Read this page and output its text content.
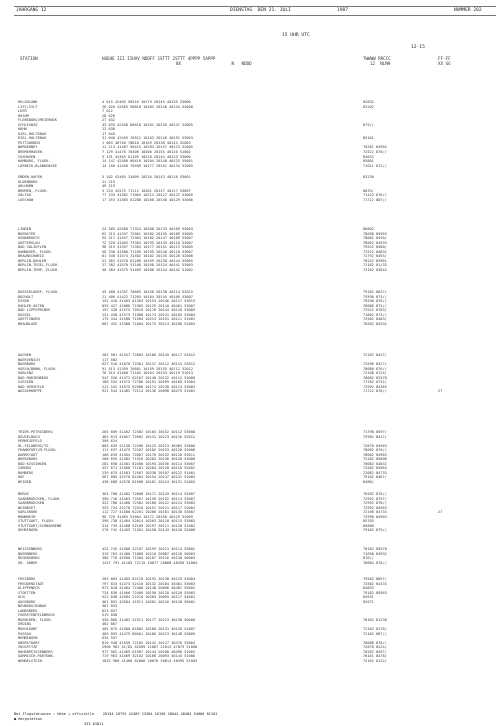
JAHRGANG 12	DIENSTAG  DEN 21. JULI	1987	NUMMER 202
15 UHR UTC
12-15
STATION	HOEHE III IIHVV NDDFF 1STTT 2STTT 4PPPP 5APPP
8X                    N   NDDD
7WWWW RRCCC
12  NLMH
FF-FF
XX GG
HELGOLAND	4 015 42465 50516 10179 20145 40135 53006	82832
LIST/SYLT	26 020 42565 50810 10203 20146 40144 54000	82202
LEER	7 022
HUSUM	28 026
FLENSBURG/MEIERWIK	27 032
SCHLESWIG	43 035 42458 80610 10161 20135 40147 52005	875//
HOHN	12 038
KIEL-HOLTENAU	17 045
KIEL-HOLTENAU	31 046 42459 70512 10163 20126 40151 53003	85101
PUTTGARDEN	1 063 46740 70810 10169 20138 40144 52003
NORDERNEY	11 113 41467 50415 10184 20157 40123 52005	70261 84902
BREMERHAVEN	7 129 41470 70408 10200 20155 40120 51002	72522 876//
CUXHAVEN	5 131 42465 61109 10210 20144 40125 53000	84832
HAMBURG, FLUGH.	14 147 42560 60410 10204 20148 40125 55001	85801
LUEBECK-BLANKENSEE	14 156 41450 70409 10177 20151 40134 52005	71011 872//
EMDEN-HAFEN	5 202 42465 31009 10216 20143 40116 53001	83230
OLDENBURG	11 215
AHLHORN	49 219
BREMEN, FLUGH.	3 224 42575 71112 10201 20137 40117 53007	8633/
SOLTAU	77 235 41582 71004 10214 20127 40122 53005	71422 876//
LUECHOW	17 253 41565 81208 10208 20146 40129 53006	71722 887//
LINGEN	24 305 42560 71324 10208 20133 40109 53003	86802
MUENSTER	62 313 41557 72001 10182 20155 40109 53005	78098 85963
OSNABRUECK	95 317 41457 72904 10182 20147 40109 53007	78082 8490/
GUETERSLOH	72 320 41463 73304 10195 20149 40118 53007	78062 84933
BAD SALZUFLEN	96 315 41557 71303 10177 20151 40113 53005	75522 8480/
HANNOVER, FLUGH.	56 338 41580 71109 10195 20140 40118 53007	72522 84832
BRAUNSCHWEIG	81 348 41574 72402 10182 20135 40120 52006	71792 8493/
BERLIN-DAHLEM	51 381 41570 61208 10199 20138 40144 53005	70242 83961
BERLIN-TEGEL,FLUGH.	37 382 41570 51108 10198 20124 40141 53003	72182 81/33
BERLIN-TEMP.,FLUGH.	50 384 41575 51409 10200 20144 40142 51002	72162 83842
DUESSELDORF, FLUGH.	45 400 41357 70605 10156 20138 40114 52015	79182 8627/
BOCHOLT	21 406 41422 71205 10164 20145 40109 53007	75598 873//
ESSEN	152 410 41463 81303 10153 20146 40117 53013	79298 876//
KAHLER ASTEN	839 427 41080 71905 10129 20110 48461 53007	78086 872//
BAD LIPPSPRINGE	157 430 41575 70510 10176 20144 40110 53005	72522 8783/
KASSEL	231 438 41575 71908 10174 20141 40105 53004	71862 873//
GOETTINGEN	175 444 41580 71504 10213 20151 40111 51001	72582 8483/
BRAUNLAGE	607 452 41580 71004 10175 20114 40108 51003	70282 84332
AACHEN	202 501 41557 72003 10166 20145 40117 52012	72182 8427/
NOERVENICH	117 502
NUERBURG	627 510 41070 72301 10137 20112 40115 52012	72596 8527/
KOELN/BONN, FLUGH.	91 513 41359 70601 10159 20155 40112 52012	78088 876//
KOBLENZ	70 515 41468 71105 10164 20153 40119 51013	72188 8724/
BAD MARIENBERG	547 526 41472 62107 10140 20132 40112 53006	78082 83378
GIESSEN	186 532 41575 72706 10191 20169 40105 51004	71782 8732/
BAD HERSFELD	212 542 41575 62906 10174 20138 40114 53003	72992 84363
WASSERKUPPE	921 544 41482 72114 10136 20098 48475 51001	71722 876//	27
TRIER-PETRISBERG	265 609 41462 72302 10165 20152 40112 53008	71798 8597/
DEUSELBACH	482 613 41057 72602 10141 20123 40116 52012	72982 8417/
PERMISEFELD	396 614
HL.FELDBERG/TS.	805 635 41156 72206 10123 20123 48465 53006	72878 84963
FRANKFURT/M.FLUGH.	111 637 41475 72207 10182 20153 40120 52008	78082 870//
DARMSTADT	108 639 41464 72007 10176 20152 40120 53011	78082 84963
WUERZBURG	268 655 41582 71916 10202 20136 40120 53008	72282 85800
BAD KISSINGEN	282 658 41581 82406 10194 20156 40114 53007	70082 84832
COBURG	337 671 41566 71101 10204 20128 40116 52002	72582 84963
BAMBERG	239 675 41581 72507 10230 20107 40122 51001	72082 84733
HOF	567 685 41570 82404 10154 20137 40131 51005	79182 8467/
WEIDEN	438 688 42578 81506 10181 20124 40131 51003	8480/
BERUS	363 708 41482 72608 10171 20143 40114 52007	70282 878//
SAARBRUECKEN, FLUGH.	390 710 41463 72507 10159 20152 40114 53007	72992 8797/
SAARBRUECKEN	322 708 41468 72302 10168 20122 40124 53003	72992 878//
WEINBIET	553 724 41270 72510 10151 20121 40117 52004	72992 84963
KARLSRUHE	112 727 41580 62201 10206 20161 40130 53007	72198 84733	27
MANNHEIM	96 729 41465 51604 10171 20150 40125 52009	72998 84963
STUTTGART, FLUGH.	396 738 41464 52014 10203 20110 40115 53003	85783
STUTTGART/SCHNARRENB	314 739 41468 52109 10197 20111 40120 51002	85800
OEHRINGEN	276 742 41465 71501 10158 20143 40126 52008	79182 879//
WEISSENBURG	422 745 41580 42107 10199 20121 40114 53002	70182 85970
NUERNBERG	319 763 41480 71809 10210 20087 40118 50003	71698 84932
REGENSBURG	366 776 42580 71504 10187 20116 40130 50003	878//
GR. ARBER	1437 791 41105 72115 10077 20068 48490 51004	78084 878//
FREIBURG	269 803 41465 82110 10192 20138 40125 53004	79582 8897/
FREUDENSTADT	797 815 41473 52410 10132 20104 48481 53003	72582 84333
KLIPPENECK	973 818 41464 72408 10140 20096 48481 53002	84833
STOETTEN	734 836 41466 72409 10150 20128 40120 53003	79182 85963
ULM	522 838 42584 22210 10203 20095 40117 54001	84931
AUGSBURG	461 852 42584 41911 10202 20116 40120 50001	82071
NEUBURG/DONAU	381 853
LANDSBERG	623 857
FUERSTENFELDBRUCK	519 858
MUENCHEN, FLUGH.	530 866 41482 51911 10177 20123 40138 50000	70162 81230
ERDING	462 867
MUEHLDORF	405 875 41580 81802 10160 20131 40145 51007	72162 8178/
PASSAU	409 893 41475 80501 10166 20123 40148 53005	72182 887//
MEMMINGEN	634 947
OBERSTDORF	810 948 41559 72102 10142 20127 48476 53004	78088 876//
ZUGSPITZE	2960 961 41/84 42509 11007 21013 47073 51008	72878 8224/
HOHENPEISSENBERG	977 962 41469 61907 10144 20100 48490 51003	70282 8497/
GARMISCH-PARTENK.	719 963 41469 32102 10168 20093 40144 51006	70161 8478/
WENDELSTEIN	1832 980 41466 61806 10076 20014 48495 51003	72162 8122/
Bei Flugstationen : Höhe + offizielle 20154 10791 42489 23304 10156 20044 48484 54000 81101
● Bergstation
333 81811
